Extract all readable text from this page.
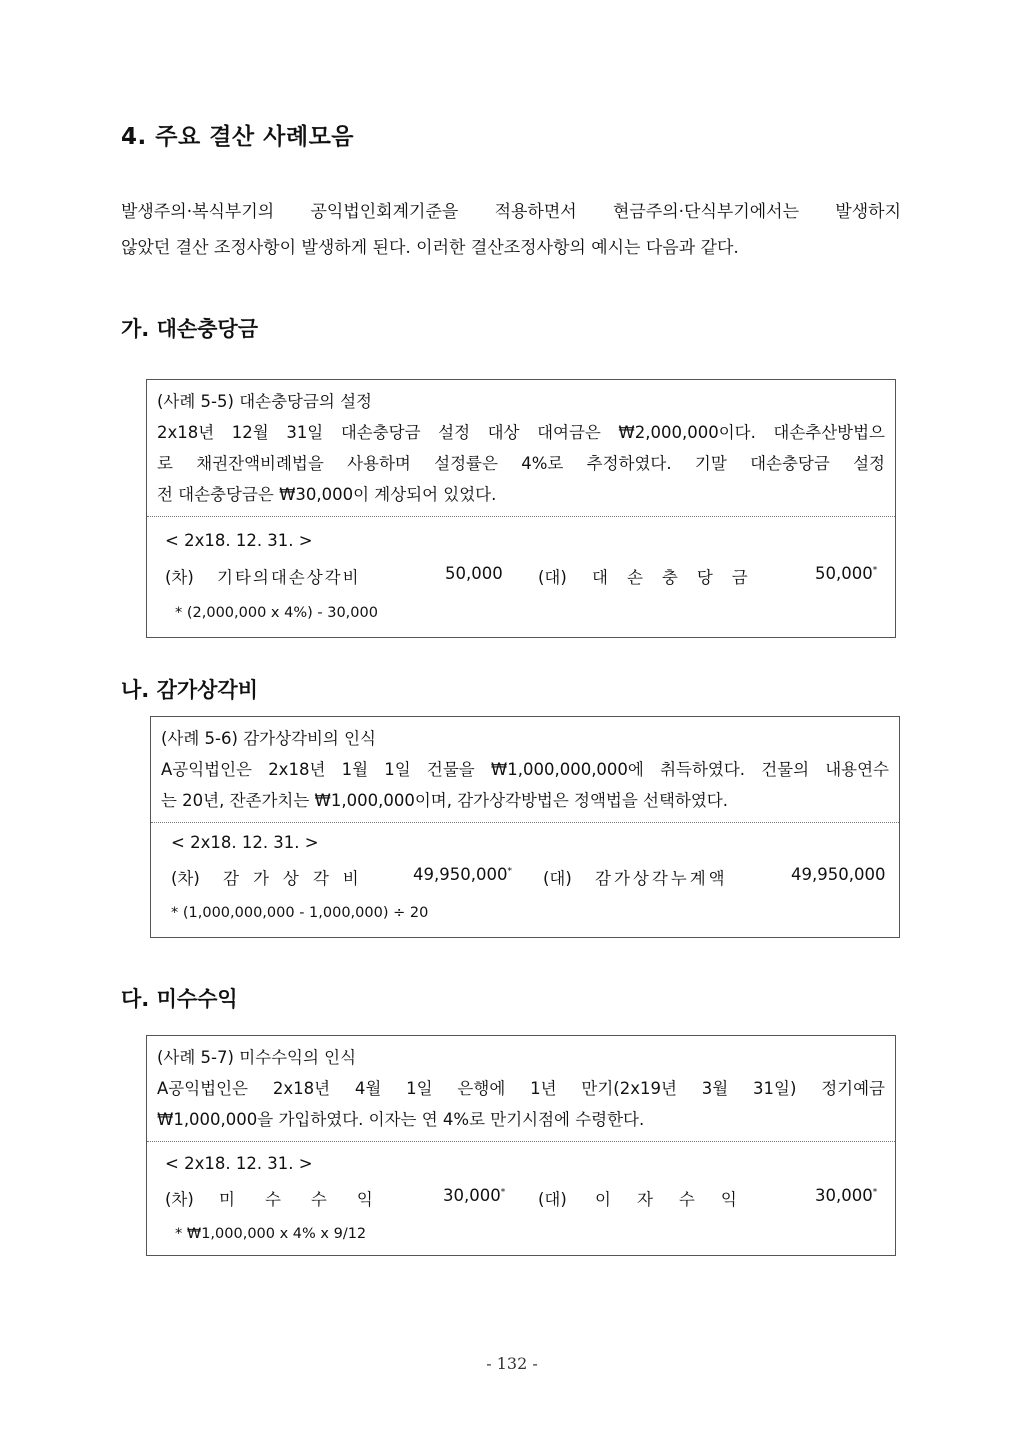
4. 주요 결산 사례모음

발생주의·복식부기의 공익법인회계기준을 적용하면서 현금주의·단식부기에서는 발생하지

않았던 결산 조정사항이 발생하게 된다. 이러한 결산조정사항의 예시는 다음과 같다.

가. 대손충당금
(사례 5-5) 대손충당금의 설정
2x18년 12월 31일 대손충당금 설정 대상 대여금은 ₩2,000,000이다. 대손추산방법으
로 채권잔액비례법을 사용하며 설정률은 4%로 추정하였다. 기말 대손충당금 설정
전 대손충당금은 ₩30,000이 계상되어 있었다.
< 2x18. 12. 31. >
(차) 기타의대손상각비	50,000 (대) 대손충당금	50,000*
* (2,000,000 x 4%) - 30,000
나. 감가상각비
(사례 5-6) 감가상각비의 인식
A공익법인은 2x18년 1월 1일 건물을 ₩1,000,000,000에 취득하였다. 건물의 내용연수
는 20년, 잔존가치는 ₩1,000,000이며, 감가상각방법은 정액법을 선택하였다.
< 2x18. 12. 31. >
(차) 감가상각비 49,950,000* (대) 감가상각누계액	49,950,000
* (1,000,000,000 - 1,000,000) ÷ 20
다. 미수수익
(사례 5-7) 미수수익의 인식
A공익법인은 2x18년 4월 1일 은행에 1년 만기(2x19년 3월 31일) 정기예금
₩1,000,000을 가입하였다. 이자는 연 4%로 만기시점에 수령한다.
< 2x18. 12. 31. >
(차) 미수수익 30,000* (대) 이자수익	30,000*
* ₩1,000,000 x 4% x 9/12
- 132 -
